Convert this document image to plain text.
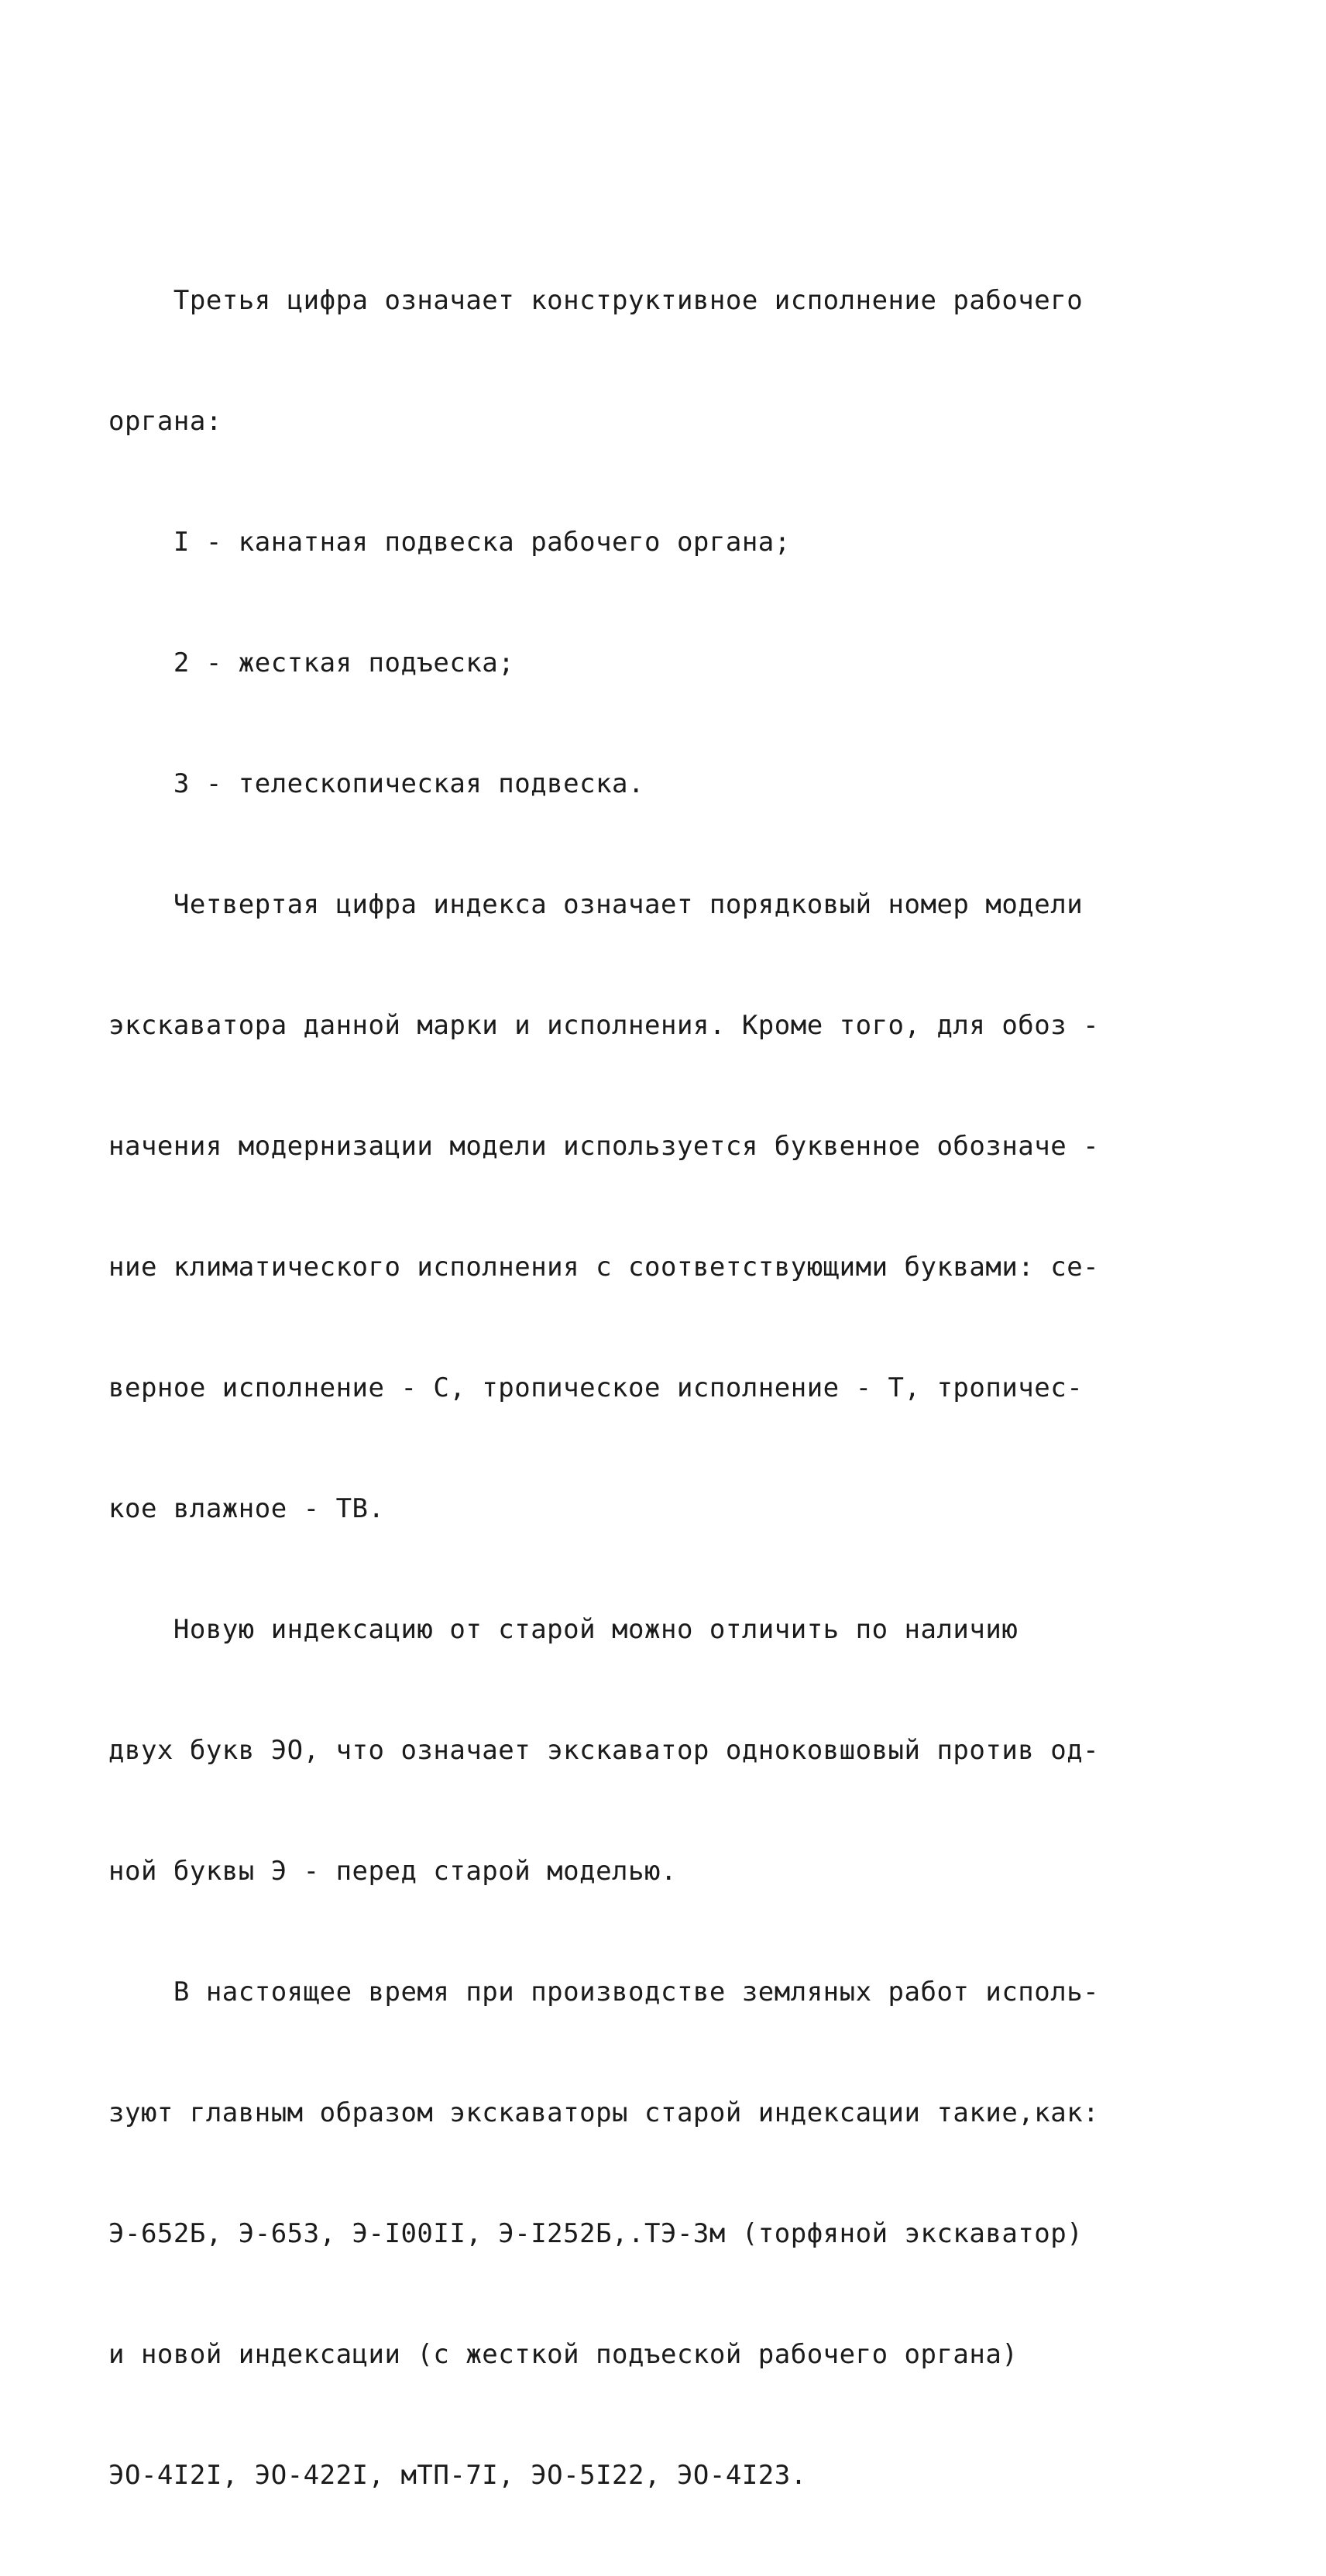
Третья цифра означает конструктивное исполнение рабочего

органа:

I - канатная подвеска рабочего органа;

2 - жесткая подъеска;

3 - телескопическая подвеска.

Четвертая цифра индекса означает порядковый номер модели

экскаватора данной марки и исполнения. Кроме того, для обоз -

начения модернизации модели используется буквенное обозначе -

ние климатического исполнения с соответствующими буквами: се-

верное исполнение - С, тропическое исполнение - Т, тропичес-

кое влажное - ТВ.

Новую индексацию от старой можно отличить по наличию

двух букв ЭО, что означает экскаватор одноковшовый против од-

ной буквы Э - перед старой моделью.

В настоящее время при производстве земляных работ исполь-

зуют главным образом экскаваторы старой индексации такие,как:

Э-652Б, Э-653, Э-I00II, Э-I252Б,.ТЭ-3м (торфяной экскаватор)

и новой индексации (с жесткой подъеской рабочего органа)

ЭО-4I2I, ЭО-422I, мТП-7I, ЭО-5I22, ЭО-4I23.
